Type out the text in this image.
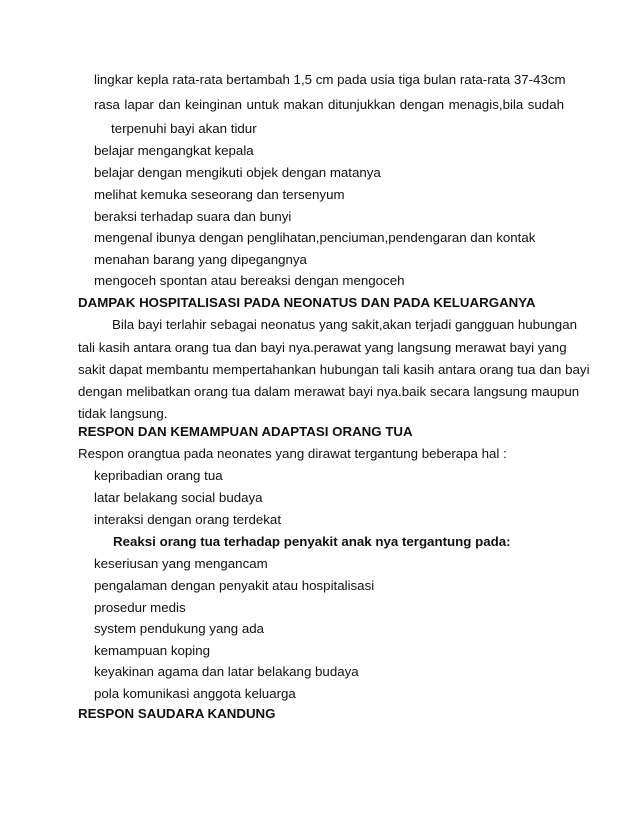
lingkar kepla rata-rata bertambah 1,5 cm pada usia tiga bulan rata-rata 37-43cm
rasa lapar dan keinginan untuk makan ditunjukkan dengan menagis,bila sudah
terpenuhi bayi akan tidur
belajar mengangkat kepala
belajar dengan mengikuti objek dengan matanya
melihat kemuka seseorang dan tersenyum
beraksi terhadap suara dan bunyi
mengenal ibunya dengan penglihatan,penciuman,pendengaran dan kontak
menahan barang yang dipegangnya
mengoceh spontan atau bereaksi dengan mengoceh
DAMPAK HOSPITALISASI PADA NEONATUS DAN PADA KELUARGANYA
Bila bayi terlahir sebagai neonatus yang sakit,akan terjadi gangguan hubungan
tali kasih antara orang tua dan bayi nya.perawat yang langsung merawat bayi yang
sakit dapat membantu mempertahankan hubungan tali kasih antara orang tua dan bayi
dengan melibatkan orang tua dalam merawat bayi nya.baik secara langsung maupun
tidak langsung.
RESPON DAN KEMAMPUAN ADAPTASI ORANG TUA
Respon orangtua pada neonates yang dirawat tergantung beberapa hal :
kepribadian orang tua
latar belakang social budaya
interaksi dengan orang terdekat
Reaksi orang tua terhadap penyakit anak nya tergantung pada:
keseriusan yang mengancam
pengalaman dengan penyakit atau hospitalisasi
prosedur medis
system pendukung yang ada
kemampuan koping
keyakinan agama dan latar belakang budaya
pola komunikasi anggota keluarga
RESPON SAUDARA KANDUNG
